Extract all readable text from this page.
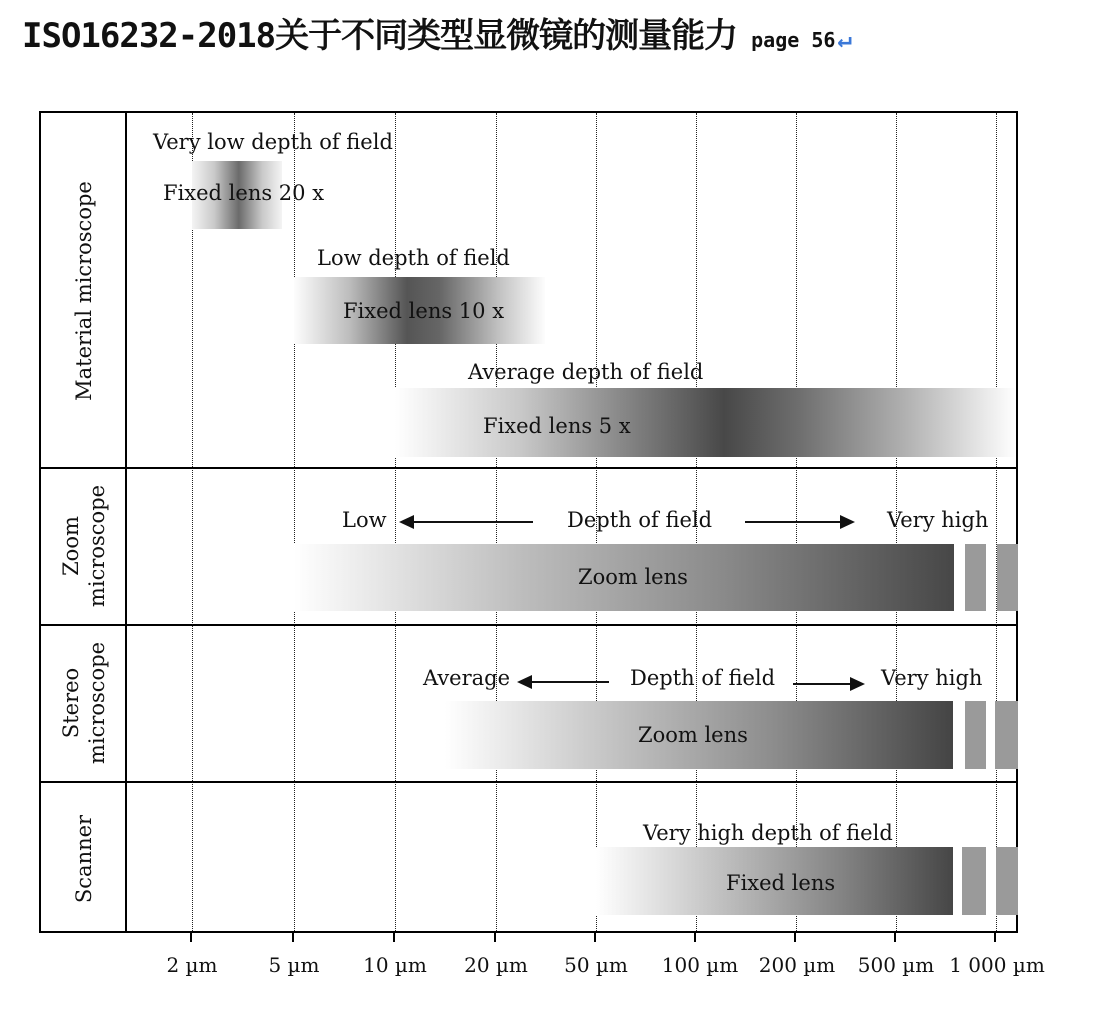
ISO16232-2018关于不同类型显微镜的测量能力 page 56↵
Material microscope
Zoom microscope
Stereo microscope
Scanner
Very low depth of field
Fixed lens 20 x
Low depth of field
Fixed lens 10 x
Average depth of field
Fixed lens 5 x
Low	Depth of field	Very high
Zoom lens
Average	Depth of field	Very high
Zoom lens
Very high depth of field
Fixed lens
2 µm	5 µm 10 µm 20 µm 50 µm 100 µm 200 µm 500 µm 1 000 µm
